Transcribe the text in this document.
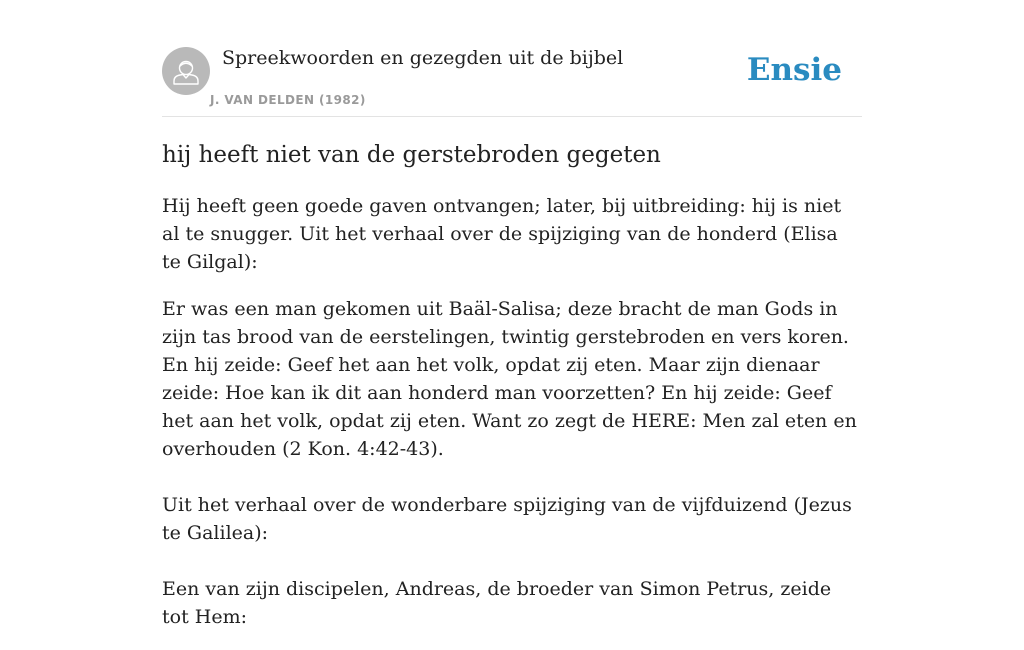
Spreekwoorden en gezegden uit de bijbel
J. VAN DELDEN (1982)
Ensie
hij heeft niet van de gerstebroden gegeten

Hij heeft geen goede gaven ontvangen; later, bij uitbreiding: hij is niet al te snugger. Uit het verhaal over de spijziging van de honderd (Elisa te Gilgal):

Er was een man gekomen uit Baäl-Salisa; deze bracht de man Gods in zijn tas brood van de eerstelingen, twintig gerstebroden en vers koren. En hij zeide: Geef het aan het volk, opdat zij eten. Maar zijn dienaar zeide: Hoe kan ik dit aan honderd man voorzetten? En hij zeide: Geef het aan het volk, opdat zij eten. Want zo zegt de HERE: Men zal eten en overhouden (2 Kon. 4:42-43).

Uit het verhaal over de wonderbare spijziging van de vijfduizend (Jezus te Galilea):

Een van zijn discipelen, Andreas, de broeder van Simon Petrus, zeide tot Hem:
